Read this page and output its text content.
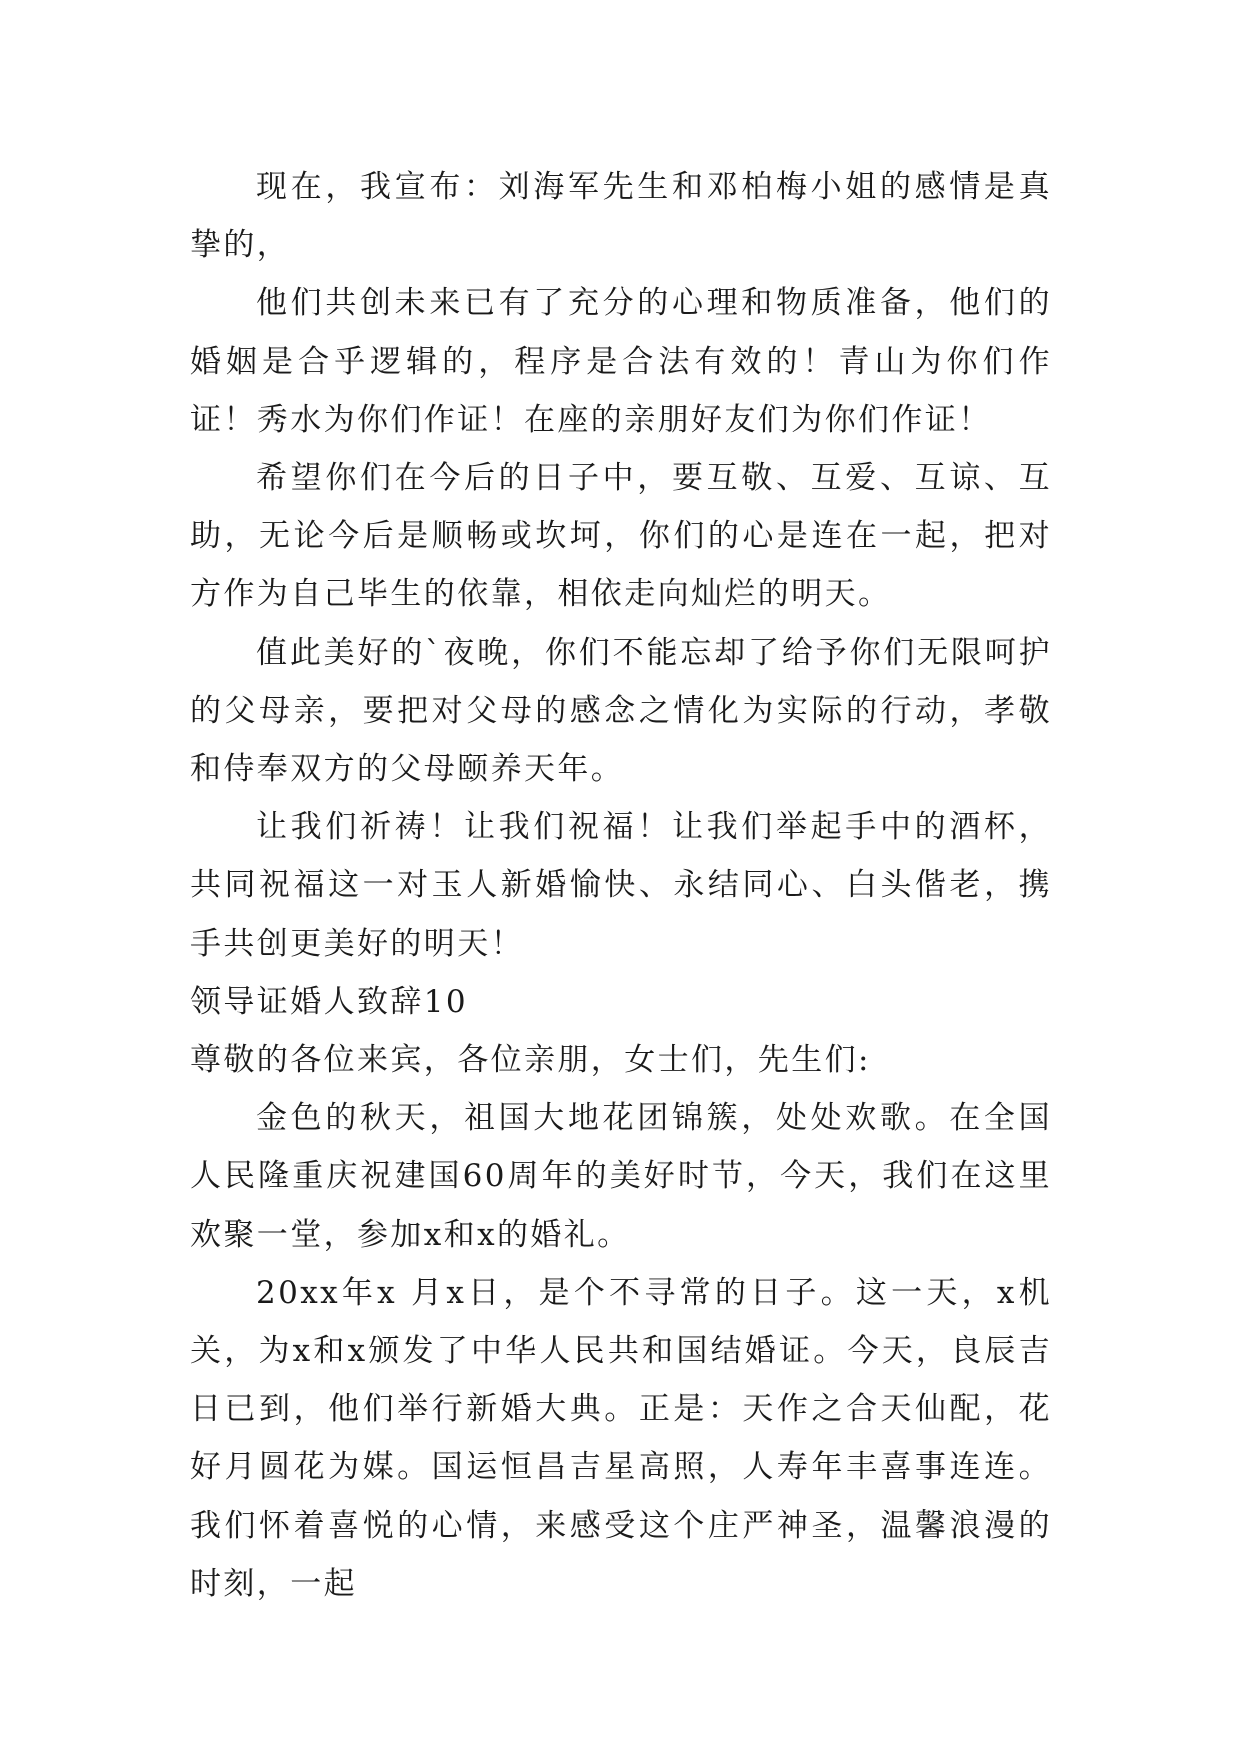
现在，我宣布：刘海军先生和邓柏梅小姐的感情是真挚的，

他们共创未来已有了充分的心理和物质准备，他们的婚姻是合乎逻辑的，程序是合法有效的！青山为你们作证！秀水为你们作证！在座的亲朋好友们为你们作证！

希望你们在今后的日子中，要互敬、互爱、互谅、互助，无论今后是顺畅或坎坷，你们的心是连在一起，把对方作为自己毕生的依靠，相依走向灿烂的明天。

值此美好的`夜晚，你们不能忘却了给予你们无限呵护的父母亲，要把对父母的感念之情化为实际的行动，孝敬和侍奉双方的父母颐养天年。

让我们祈祷！让我们祝福！让我们举起手中的酒杯，共同祝福这一对玉人新婚愉快、永结同心、白头偕老，携手共创更美好的明天！

领导证婚人致辞10

尊敬的各位来宾，各位亲朋，女士们，先生们:

金色的秋天，祖国大地花团锦簇，处处欢歌。在全国人民隆重庆祝建国60周年的美好时节，今天，我们在这里欢聚一堂，参加x和x的婚礼。

20xx年x 月x日，是个不寻常的日子。这一天，x机关，为x和x颁发了中华人民共和国结婚证。今天，良辰吉日已到，他们举行新婚大典。正是：天作之合天仙配，花好月圆花为媒。国运恒昌吉星高照，人寿年丰喜事连连。我们怀着喜悦的心情，来感受这个庄严神圣，温馨浪漫的时刻，一起
